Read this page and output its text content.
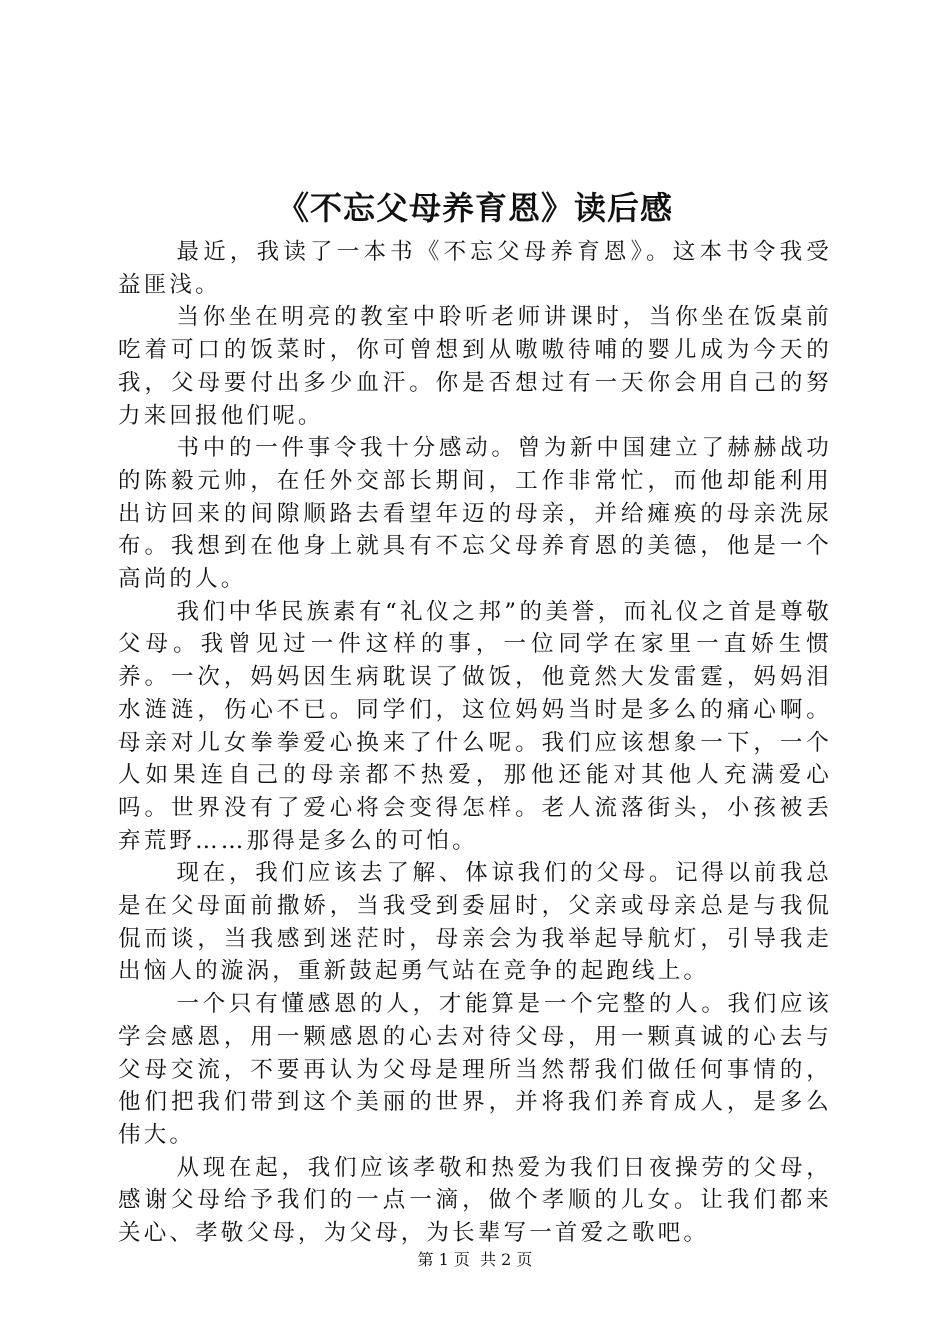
《不忘父母养育恩》读后感

最近，我读了一本书《不忘父母养育恩》。这本书令我受益匪浅。

当你坐在明亮的教室中聆听老师讲课时，当你坐在饭桌前吃着可口的饭菜时，你可曾想到从嗷嗷待哺的婴儿成为今天的我，父母要付出多少血汗。你是否想过有一天你会用自己的努力来回报他们呢。

书中的一件事令我十分感动。曾为新中国建立了赫赫战功的陈毅元帅，在任外交部长期间，工作非常忙，而他却能利用出访回来的间隙顺路去看望年迈的母亲，并给瘫痪的母亲洗尿布。我想到在他身上就具有不忘父母养育恩的美德，他是一个高尚的人。

我们中华民族素有“礼仪之邦”的美誉，而礼仪之首是尊敬父母。我曾见过一件这样的事，一位同学在家里一直娇生惯养。一次，妈妈因生病耽误了做饭，他竟然大发雷霆，妈妈泪水涟涟，伤心不已。同学们，这位妈妈当时是多么的痛心啊。母亲对儿女拳拳爱心换来了什么呢。我们应该想象一下，一个人如果连自己的母亲都不热爱，那他还能对其他人充满爱心吗。世界没有了爱心将会变得怎样。老人流落街头，小孩被丢弃荒野……那得是多么的可怕。

现在，我们应该去了解、体谅我们的父母。记得以前我总是在父母面前撒娇，当我受到委屈时，父亲或母亲总是与我侃侃而谈，当我感到迷茫时，母亲会为我举起导航灯，引导我走出恼人的漩涡，重新鼓起勇气站在竞争的起跑线上。

一个只有懂感恩的人，才能算是一个完整的人。我们应该学会感恩，用一颗感恩的心去对待父母，用一颗真诚的心去与父母交流，不要再认为父母是理所当然帮我们做任何事情的，他们把我们带到这个美丽的世界，并将我们养育成人，是多么伟大。

从现在起，我们应该孝敬和热爱为我们日夜操劳的父母，感谢父母给予我们的一点一滴，做个孝顺的儿女。让我们都来关心、孝敬父母，为父母，为长辈写一首爱之歌吧。

第 1 页 共 2 页
